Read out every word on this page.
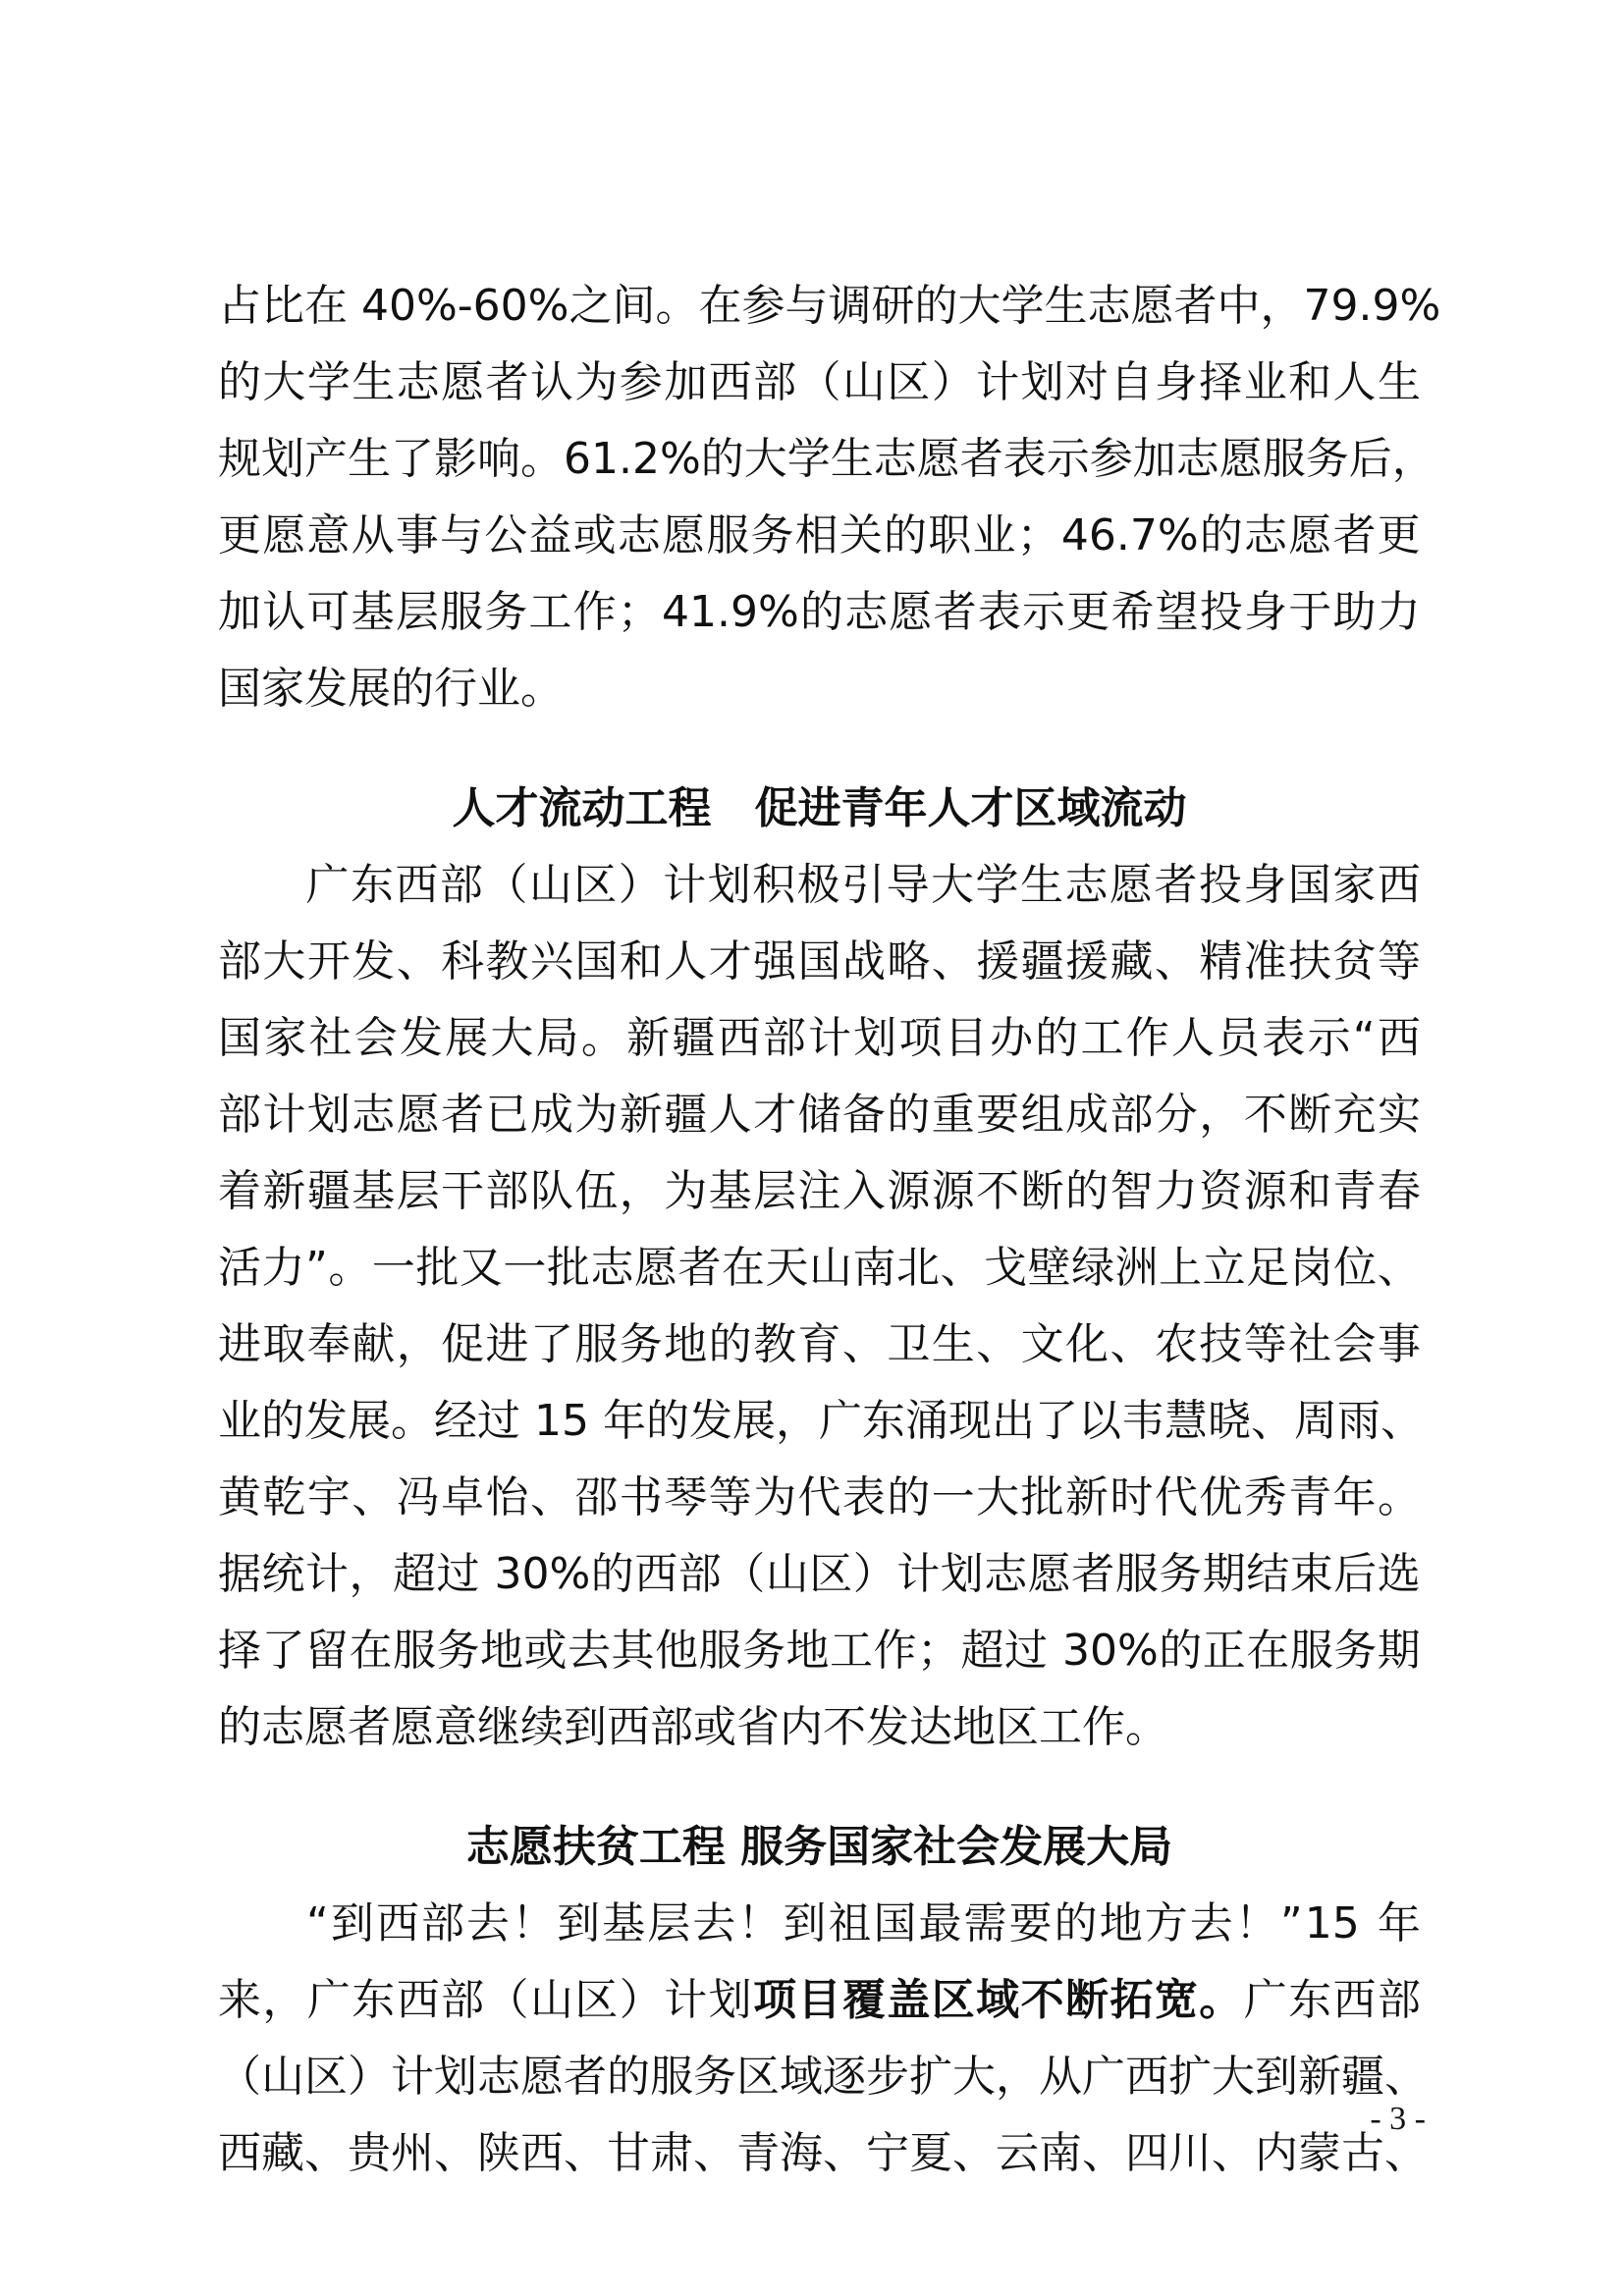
占 比 在
40%-60% 之 间 。 在 参 与 调 研 的 大 学 生 志 愿 者 中 ， 79.9%
的 大 学 生 志 愿 者 认 为 参 加 西 部 （ 山 区 ） 计 划 对 自 身 择 业 和 人 生
规 划 产 生 了 影 响 。 61.2% 的 大 学 生 志 愿 者 表 示 参 加 志 愿 服 务 后 ，
更 愿 意 从 事 与 公 益 或 志 愿 服 务 相 关 的 职 业 ； 46.7% 的 志 愿 者 更
加 认 可 基 层 服 务 工 作 ； 41.9% 的 志 愿 者 表 示 更 希 望 投 身 于 助 力
国家发展的行业。
人才流动工程　促进青年人才区域流动

广 东 西 部 （ 山 区 ） 计 划 积 极 引 导 大 学 生 志 愿 者 投 身 国 家 西
部 大 开 发 、 科 教 兴 国 和 人 才 强 国 战 略 、 援 疆 援 藏 、 精 准 扶 贫 等
国 家 社 会 发 展 大 局 。 新 疆 西 部 计 划 项 目 办 的 工 作 人 员 表 示 “ 西
部 计 划 志 愿 者 已 成 为 新 疆 人 才 储 备 的 重 要 组 成 部 分 ， 不 断 充 实
着 新 疆 基 层 干 部 队 伍 ， 为 基 层 注 入 源 源 不 断 的 智 力 资 源 和 青 春
活 力 ” 。 一 批 又 一 批 志 愿 者 在 天 山 南 北 、 戈 壁 绿 洲 上 立 足 岗 位 、
进 取 奉 献 ， 促 进 了 服 务 地 的 教 育 、 卫 生 、 文 化 、 农 技 等 社 会 事
业 的 发 展 。 经 过
15
年 的 发 展 ， 广 东 涌 现 出 了 以 韦 慧 晓 、 周 雨 、
黄 乾 宇 、 冯 卓 怡 、 邵 书 琴 等 为 代 表 的 一 大 批 新 时 代 优 秀 青 年 。
据 统 计 ， 超 过
30% 的 西 部 （ 山 区 ） 计 划 志 愿 者 服 务 期 结 束 后 选
择 了 留 在 服 务 地 或 去 其 他 服 务 地 工 作 ； 超 过
30% 的 正 在 服 务 期
的志愿者愿意继续到西部或省内不发达地区工作。
志愿扶贫工程 服务国家社会发展大局

“ 到 西 部 去 ！ 到 基 层 去 ！ 到 祖 国 最 需 要 的 地 方 去 ！ ” 15
年
来 ， 广 东 西 部 （ 山 区 ） 计 划 项 目 覆 盖 区 域 不 断 拓 宽 。 广 东 西 部
（ 山 区 ） 计 划 志 愿 者 的 服 务 区 域 逐 步 扩 大 ， 从 广 西 扩 大 到 新 疆 、
西 藏 、 贵 州 、 陕 西 、 甘 肃 、 青 海 、 宁 夏 、 云 南 、 四 川 、 内 蒙 古 、
- 3 -
